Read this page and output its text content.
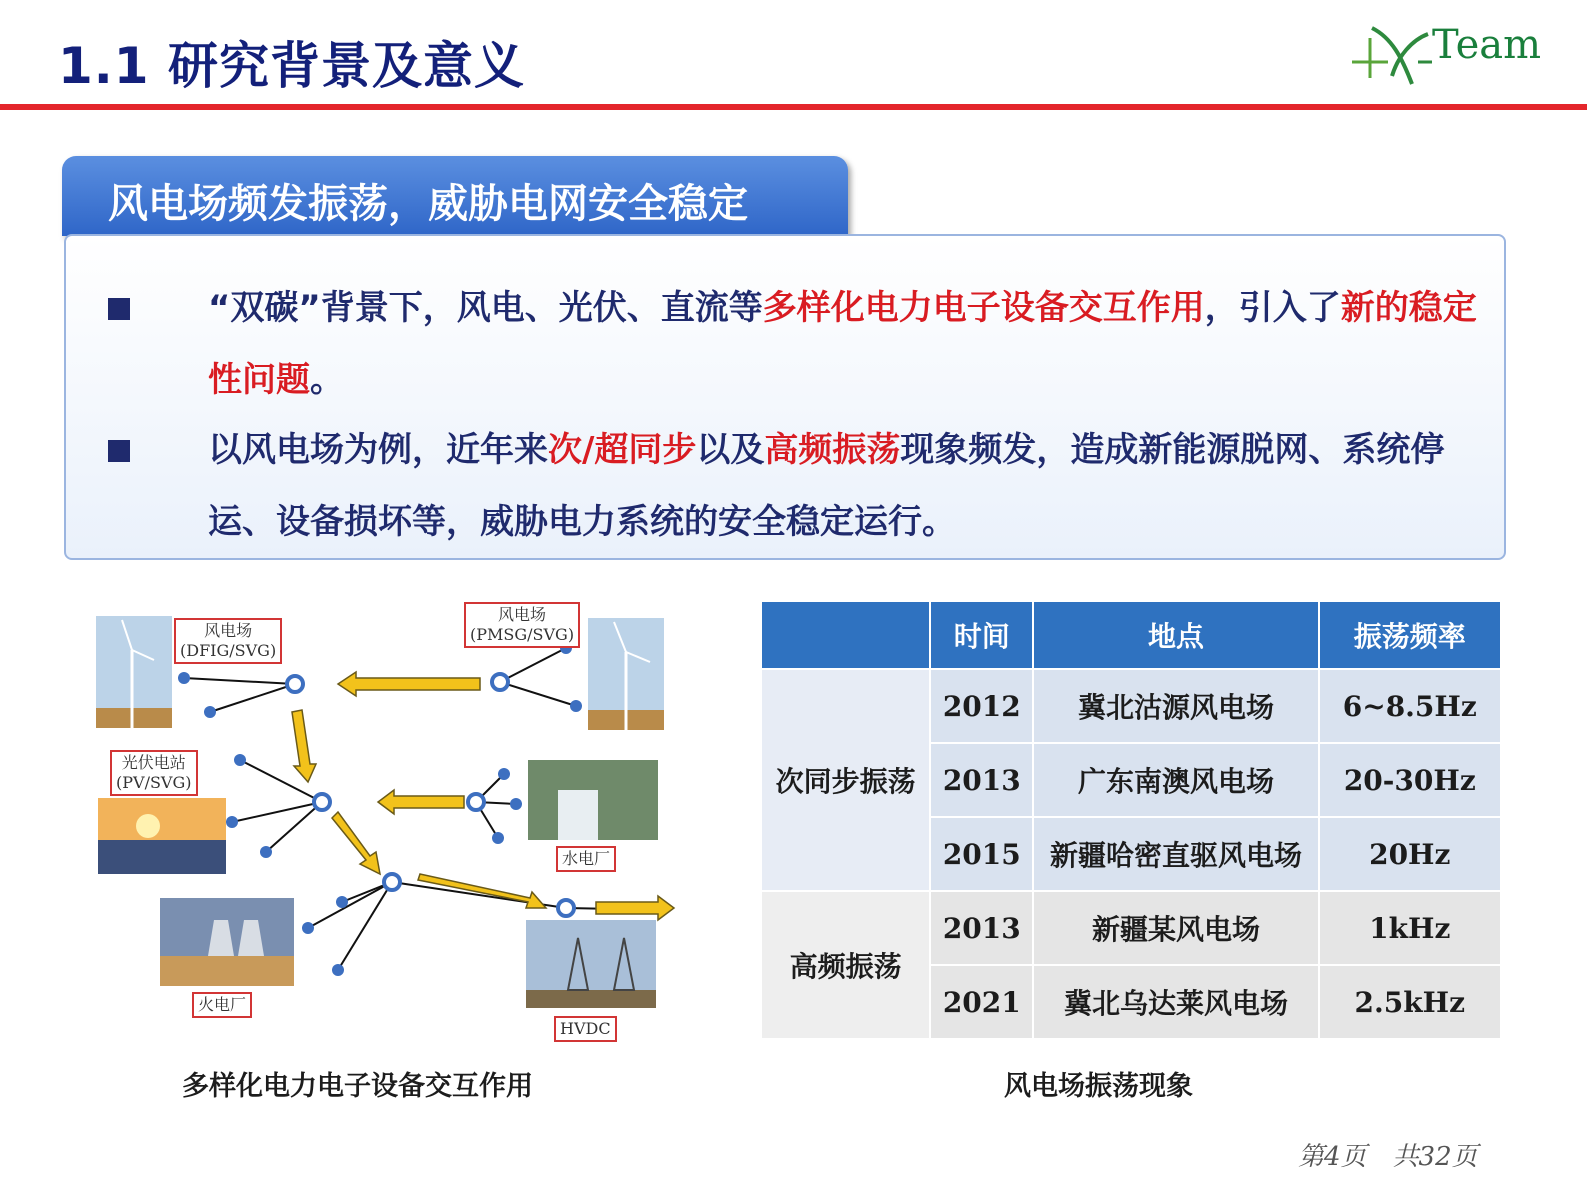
1.1 研究背景及意义	Team
风电场频发振荡，威胁电网安全稳定
“双碳”背景下，风电、光伏、直流等多样化电力电子设备交互作用，引入了新的稳定性问题。
以风电场为例，近年来次/超同步以及高频振荡现象频发，造成新能源脱网、系统停运、设备损坏等，威胁电力系统的安全稳定运行。
风电场
(DFIG/SVG)
风电场
(PMSG/SVG)
光伏电站
(PV/SVG)
水电厂
火电厂
HVDC
多样化电力电子设备交互作用
	时间	地点	振荡频率
次同步振荡	2012	冀北沽源风电场	6~8.5Hz
	2013	广东南澳风电场	20-30Hz
	2015	新疆哈密直驱风电场	20Hz
高频振荡	2013	新疆某风电场	1kHz
	2021	冀北乌达莱风电场	2.5kHz
风电场振荡现象
第4页　共32页
